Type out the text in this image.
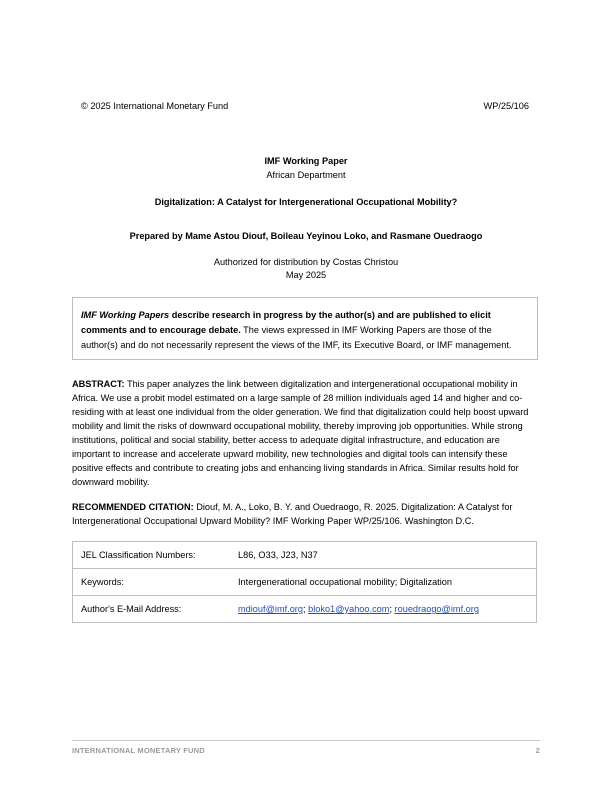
© 2025 International Monetary Fund	WP/25/106
IMF Working Paper
African Department
Digitalization: A Catalyst for Intergenerational Occupational Mobility?
Prepared by Mame Astou Diouf, Boileau Yeyinou Loko, and Rasmane Ouedraogo
Authorized for distribution by Costas Christou
May 2025
IMF Working Papers describe research in progress by the author(s) and are published to elicit comments and to encourage debate. The views expressed in IMF Working Papers are those of the author(s) and do not necessarily represent the views of the IMF, its Executive Board, or IMF management.
ABSTRACT: This paper analyzes the link between digitalization and intergenerational occupational mobility in Africa. We use a probit model estimated on a large sample of 28 million individuals aged 14 and higher and co-residing with at least one individual from the older generation. We find that digitalization could help boost upward mobility and limit the risks of downward occupational mobility, thereby improving job opportunities. While strong institutions, political and social stability, better access to adequate digital infrastructure, and education are important to increase and accelerate upward mobility, new technologies and digital tools can intensify these positive effects and contribute to creating jobs and enhancing living standards in Africa. Similar results hold for downward mobility.
RECOMMENDED CITATION: Diouf, M. A., Loko, B. Y. and Ouedraogo, R. 2025. Digitalization: A Catalyst for Intergenerational Occupational Upward Mobility? IMF Working Paper WP/25/106. Washington D.C.
JEL Classification Numbers:	L86, O33, J23, N37
Keywords:	Intergenerational occupational mobility; Digitalization
Author's E-Mail Address:	mdiouf@imf.org; bloko1@yahoo.com; rouedraogo@imf.org
INTERNATIONAL MONETARY FUND	2
